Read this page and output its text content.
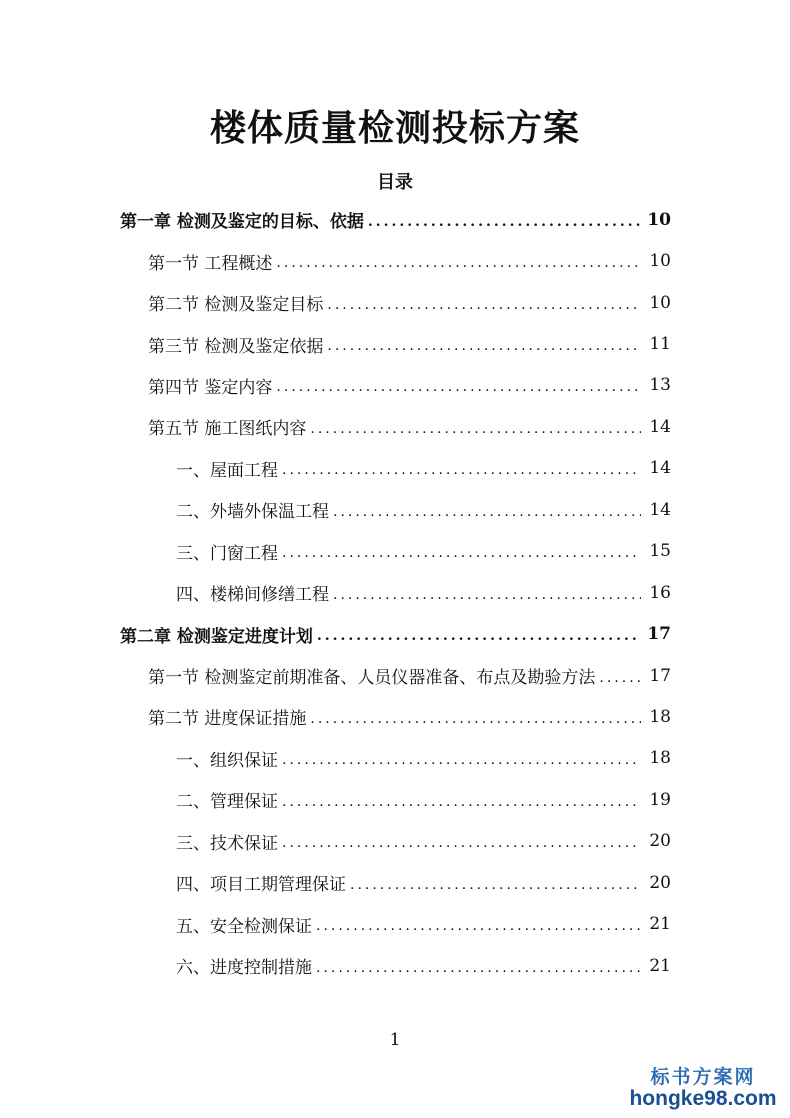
楼体质量检测投标方案
目录
第一章 检测及鉴定的目标、依据 .....	10
第一节 工程概述 .....	10
第二节 检测及鉴定目标 .....	10
第三节 检测及鉴定依据 .....	11
第四节 鉴定内容 .....	13
第五节 施工图纸内容 .....	14
一、屋面工程 .....	14
二、外墙外保温工程 .....	14
三、门窗工程 .....	15
四、楼梯间修缮工程 .....	16
第二章 检测鉴定进度计划 .....	17
第一节 检测鉴定前期准备、人员仪器准备、布点及勘验方法 .....	17
第二节 进度保证措施 .....	18
一、组织保证 .....	18
二、管理保证 .....	19
三、技术保证 .....	20
四、项目工期管理保证 .....	20
五、安全检测保证 .....	21
六、进度控制措施 .....	21

1

标书方案网
hongke98.com
